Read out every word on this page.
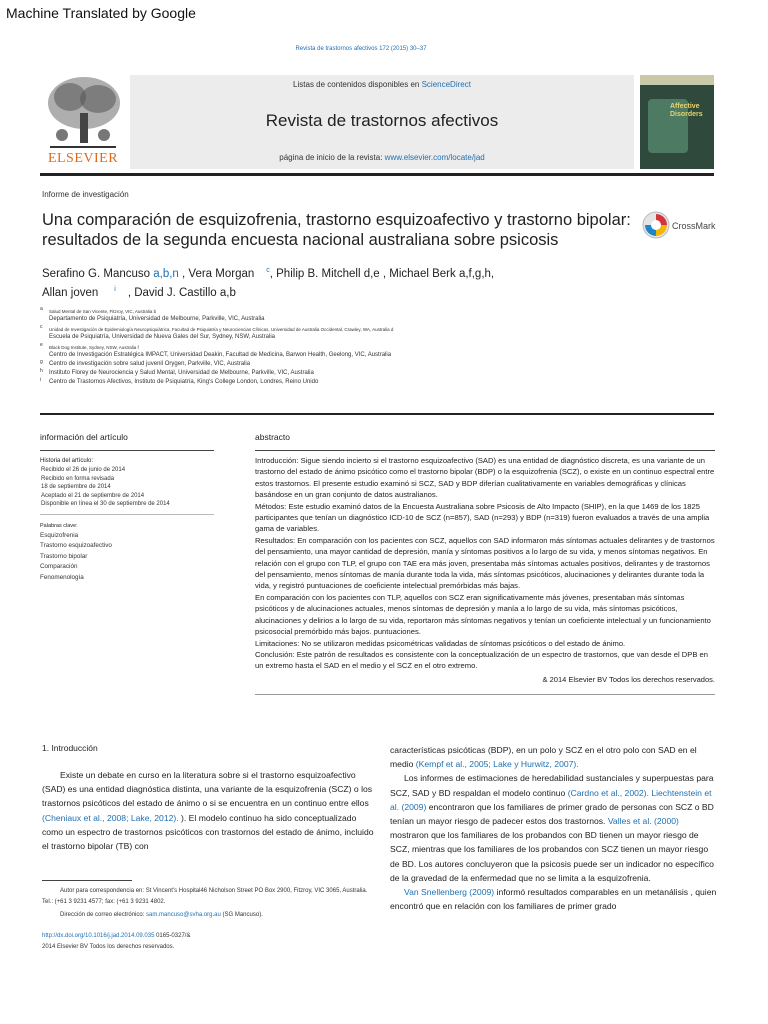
Machine Translated by Google
Revista de trastornos afectivos 172 (2015) 30–37
ELSEVIER
Listas de contenidos disponibles en ScienceDirect
Revista de trastornos afectivos
página de inicio de la revista: www.elsevier.com/locate/jad
Affective
Disorders
Informe de investigación
Una comparación de esquizofrenia, trastorno esquizoafectivo y trastorno bipolar: resultados de la segunda encuesta nacional australiana sobre psicosis
CrossMark
Serafino G. Mancuso a,b,n , Vera Morgan $^c$, Philip B. Mitchell d,e , Michael Berk a,f,g,h,
Allan joven $^i$ , David J. Castillo a,b
a Salud Mental de San Vicente, Fitzroy, VIC, Australia b
Departamento de Psiquiatría, Universidad de Melbourne, Parkville, VIC, Australia
c Unidad de Investigación de Epidemiología Neuropsiquiátrica, Facultad de Psiquiatría y Neurociencias Clínicas, Universidad de Australia Occidental, Crawley, WA, Australia d
Escuela de Psiquiatría, Universidad de Nueva Gales del Sur, Sydney, NSW, Australia
e Black Dog Institute, Sydney, NSW, Australia f
Centro de Investigación Estratégica IMPACT, Universidad Deakin, Facultad de Medicina, Barwon Health, Geelong, VIC, Australia
g Centro de investigación sobre salud juvenil Orygen, Parkville, VIC, Australia
h Instituto Florey de Neurociencia y Salud Mental, Universidad de Melbourne, Parkville, VIC, Australia
i Centro de Trastornos Afectivos, Instituto de Psiquiatría, King's College London, Londres, Reino Unido
información del artículo
Historia del artículo:
Recibido el 26 de junio de 2014
Recibido en forma revisada
18 de septiembre de 2014
Aceptado el 21 de septiembre de 2014
Disponible en línea el 30 de septiembre de 2014
Palabras clave:
Esquizofrenia
Trastorno esquizoafectivo
Trastorno bipolar
Comparación
Fenomenología
abstracto

Introducción: Sigue siendo incierto si el trastorno esquizoafectivo (SAD) es una entidad de diagnóstico discreta, es una variante de un trastorno del estado de ánimo psicótico como el trastorno bipolar (BDP) o la esquizofrenia (SCZ), o existe en un continuo espectral entre estos trastornos. El presente estudio examinó si SCZ, SAD y BDP diferían cualitativamente en variables demográficas y clínicas basándose en un gran conjunto de datos australianos.

Métodos: Este estudio examinó datos de la Encuesta Australiana sobre Psicosis de Alto Impacto (SHIP), en la que 1469 de los 1825 participantes que tenían un diagnóstico ICD-10 de SCZ (n=857), SAD (n=293) y BDP (n=319) fueron evaluados a través de una amplia gama de variables.

Resultados: En comparación con los pacientes con SCZ, aquellos con SAD informaron más síntomas actuales delirantes y de trastornos del pensamiento, una mayor cantidad de depresión, manía y síntomas positivos a lo largo de su vida, y menos síntomas negativos. En relación con el grupo con TLP, el grupo con TAE era más joven, presentaba más síntomas actuales positivos, delirantes y de trastornos del pensamiento, menos síntomas de manía durante toda la vida, más síntomas psicóticos, alucinaciones y delirantes durante toda la vida, y registró puntuaciones de coeficiente intelectual premórbidas más bajas.

En comparación con los pacientes con TLP, aquellos con SCZ eran significativamente más jóvenes, presentaban más síntomas psicóticos y de alucinaciones actuales, menos síntomas de depresión y manía a lo largo de su vida, más síntomas psicóticos, alucinaciones y delirios a lo largo de su vida, reportaron más síntomas negativos y tenían un coeficiente intelectual y un funcionamiento psicosocial premórbido más bajos. puntuaciones.

Limitaciones: No se utilizaron medidas psicométricas validadas de síntomas psicóticos o del estado de ánimo.

Conclusión: Este patrón de resultados es consistente con la conceptualización de un espectro de trastornos, que van desde el DPB en un extremo hasta el SAD en el medio y el SCZ en el otro extremo.

& 2014 Elsevier BV Todos los derechos reservados.
1. Introducción

Existe un debate en curso en la literatura sobre si el trastorno esquizoafectivo (SAD) es una entidad diagnóstica distinta, una variante de la esquizofrenia (SCZ) o los trastornos psicóticos del estado de ánimo o si se encuentra en un continuo entre ellos (Cheniaux et al., 2008; Lake, 2012). ). El modelo continuo ha sido conceptualizado como un espectro de trastornos psicóticos con trastornos del estado de ánimo, incluido el trastorno bipolar (TB) con

características psicóticas (BDP), en un polo y SCZ en el otro polo con SAD en el medio (Kempf et al., 2005; Lake y Hurwitz, 2007).

Los informes de estimaciones de heredabilidad sustanciales y superpuestas para SCZ, SAD y BD respaldan el modelo continuo (Cardno et al., 2002). Liechtenstein et al. (2009) encontraron que los familiares de primer grado de personas con SCZ o BD tenían un mayor riesgo de padecer estos dos trastornos. Valles et al. (2000) mostraron que los familiares de los probandos con BD tienen un mayor riesgo de SCZ, mientras que los familiares de los probandos con SCZ tienen un mayor riesgo de BD. Los autores concluyeron que la psicosis puede ser un indicador no específico de la gravedad de la enfermedad que no se limita a la esquizofrenia.

Van Snellenberg (2009) informó resultados comparables en un metanálisis , quien encontró que en relación con los familiares de primer grado

Autor para correspondencia en: St Vincent's Hospital46 Nicholson Street PO Box 2900, Fitzroy, VIC 3065, Australia. Tel.: (+61 3 9231 4577; fax: (+61 3 9231 4802.
Dirección de correo electrónico: sam.mancuso@svha.org.au (SG Mancuso).
http://dx.doi.org/10.1016/j.jad.2014.09.035 0165-0327/&
2014 Elsevier BV Todos los derechos reservados.
